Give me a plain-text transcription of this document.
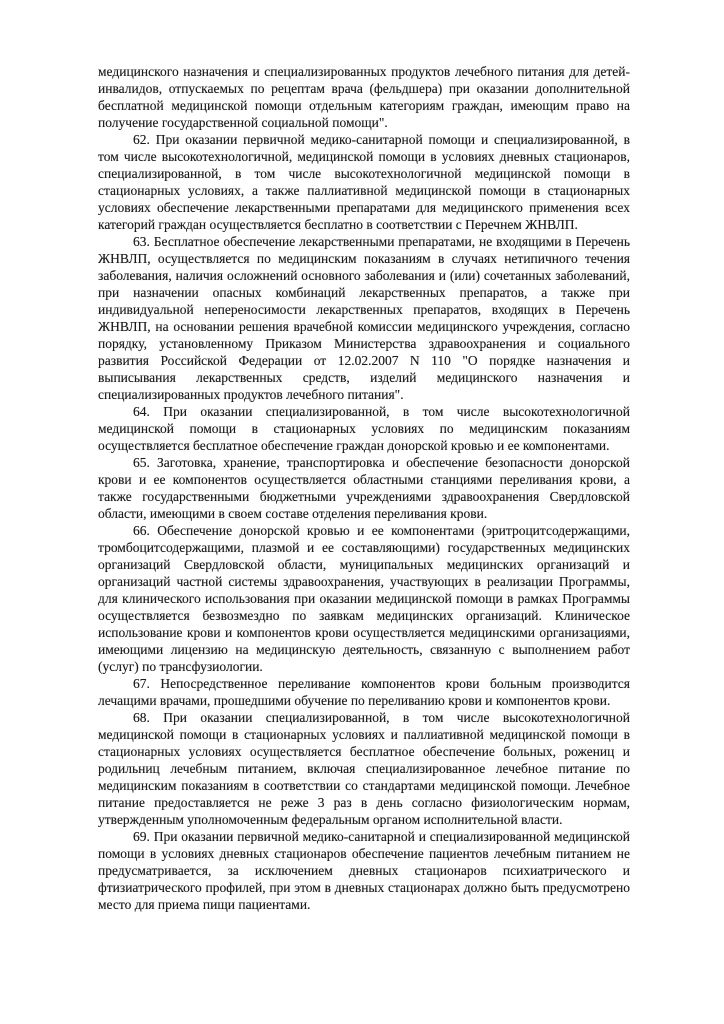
медицинского назначения и специализированных продуктов лечебного питания для детей-инвалидов, отпускаемых по рецептам врача (фельдшера) при оказании дополнительной бесплатной медицинской помощи отдельным категориям граждан, имеющим право на получение государственной социальной помощи".

62. При оказании первичной медико-санитарной помощи и специализированной, в том числе высокотехнологичной, медицинской помощи в условиях дневных стационаров, специализированной, в том числе высокотехнологичной медицинской помощи в стационарных условиях, а также паллиативной медицинской помощи в стационарных условиях обеспечение лекарственными препаратами для медицинского применения всех категорий граждан осуществляется бесплатно в соответствии с Перечнем ЖНВЛП.

63. Бесплатное обеспечение лекарственными препаратами, не входящими в Перечень ЖНВЛП, осуществляется по медицинским показаниям в случаях нетипичного течения заболевания, наличия осложнений основного заболевания и (или) сочетанных заболеваний, при назначении опасных комбинаций лекарственных препаратов, а также при индивидуальной непереносимости лекарственных препаратов, входящих в Перечень ЖНВЛП, на основании решения врачебной комиссии медицинского учреждения, согласно порядку, установленному Приказом Министерства здравоохранения и социального развития Российской Федерации от 12.02.2007 N 110 "О порядке назначения и выписывания лекарственных средств, изделий медицинского назначения и специализированных продуктов лечебного питания".

64. При оказании специализированной, в том числе высокотехнологичной медицинской помощи в стационарных условиях по медицинским показаниям осуществляется бесплатное обеспечение граждан донорской кровью и ее компонентами.

65. Заготовка, хранение, транспортировка и обеспечение безопасности донорской крови и ее компонентов осуществляется областными станциями переливания крови, а также государственными бюджетными учреждениями здравоохранения Свердловской области, имеющими в своем составе отделения переливания крови.

66. Обеспечение донорской кровью и ее компонентами (эритроцитсодержащими, тромбоцитсодержащими, плазмой и ее составляющими) государственных медицинских организаций Свердловской области, муниципальных медицинских организаций и организаций частной системы здравоохранения, участвующих в реализации Программы, для клинического использования при оказании медицинской помощи в рамках Программы осуществляется безвозмездно по заявкам медицинских организаций. Клиническое использование крови и компонентов крови осуществляется медицинскими организациями, имеющими лицензию на медицинскую деятельность, связанную с выполнением работ (услуг) по трансфузиологии.

67. Непосредственное переливание компонентов крови больным производится лечащими врачами, прошедшими обучение по переливанию крови и компонентов крови.

68. При оказании специализированной, в том числе высокотехнологичной медицинской помощи в стационарных условиях и паллиативной медицинской помощи в стационарных условиях осуществляется бесплатное обеспечение больных, рожениц и родильниц лечебным питанием, включая специализированное лечебное питание по медицинским показаниям в соответствии со стандартами медицинской помощи. Лечебное питание предоставляется не реже 3 раз в день согласно физиологическим нормам, утвержденным уполномоченным федеральным органом исполнительной власти.

69. При оказании первичной медико-санитарной и специализированной медицинской помощи в условиях дневных стационаров обеспечение пациентов лечебным питанием не предусматривается, за исключением дневных стационаров психиатрического и фтизиатрического профилей, при этом в дневных стационарах должно быть предусмотрено место для приема пищи пациентами.
